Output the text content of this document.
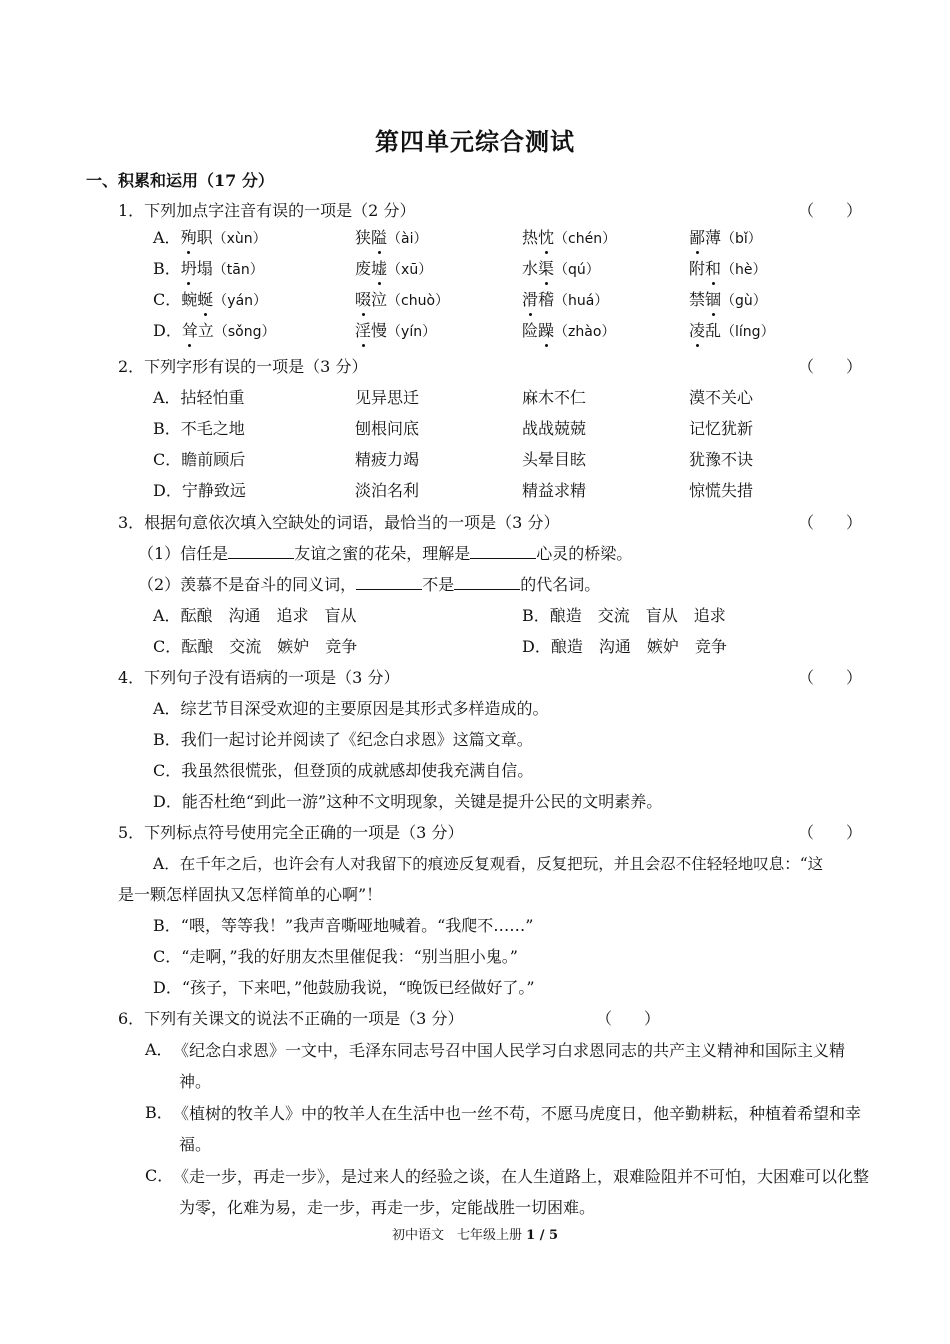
第四单元综合测试
一、积累和运用（17 分）
1．下列加点字注音有误的一项是（2 分）	（　　）
A．殉职（xùn）	狭隘（ài）	热忱（chén）	鄙薄（bǐ）
B．坍塌（tān）	废墟（xū）	水渠（qú）	附和（hè）
C．蜿蜒（yán）	啜泣（chuò）	滑稽（huá）	禁锢（gù）
D．耸立（sǒng）	淫慢（yín）	险躁（zhào）	凌乱（líng）
2．下列字形有误的一项是（3 分）	（　　）
A．拈轻怕重	见异思迁	麻木不仁	漠不关心
B．不毛之地	刨根问底	战战兢兢	记忆犹新
C．瞻前顾后	精疲力竭	头晕目眩	犹豫不诀
D．宁静致远	淡泊名利	精益求精	惊慌失措
3．根据句意依次填入空缺处的词语，最恰当的一项是（3 分）	（　　）
（1）信任是	友谊之蜜的花朵，理解是	心灵的桥梁。
（2）羡慕不是奋斗的同义词，	不是	的代名词。
A．酝酿　沟通　追求　盲从	B．酿造　交流　盲从　追求
C．酝酿　交流　嫉妒　竞争	D．酿造　沟通　嫉妒　竞争
4．下列句子没有语病的一项是（3 分）	（　　）
A．综艺节目深受欢迎的主要原因是其形式多样造成的。
B．我们一起讨论并阅读了《纪念白求恩》这篇文章。
C．我虽然很慌张，但登顶的成就感却使我充满自信。
D．能否杜绝“到此一游”这种不文明现象，关键是提升公民的文明素养。
5．下列标点符号使用完全正确的一项是（3 分）	（　　）
A．在千年之后，也许会有人对我留下的痕迹反复观看，反复把玩，并且会忍不住轻轻地叹息：“这
是一颗怎样固执又怎样简单的心啊”！
B．“喂，等等我！”我声音嘶哑地喊着。“我爬不……”
C．“走啊，”我的好朋友杰里催促我：“别当胆小鬼。”
D．“孩子，下来吧，”他鼓励我说，“晚饭已经做好了。”
6．下列有关课文的说法不正确的一项是（3 分）	（　　）
A． 《纪念白求恩》一文中，毛泽东同志号召中国人民学习白求恩同志的共产主义精神和国际主义精神。
B． 《植树的牧羊人》中的牧羊人在生活中也一丝不苟，不愿马虎度日，他辛勤耕耘，种植着希望和幸福。
C． 《走一步，再走一步》，是过来人的经验之谈，在人生道路上，艰难险阻并不可怕，大困难可以化整为零，化难为易，走一步，再走一步，定能战胜一切困难。
初中语文　七年级上册 1 / 5
